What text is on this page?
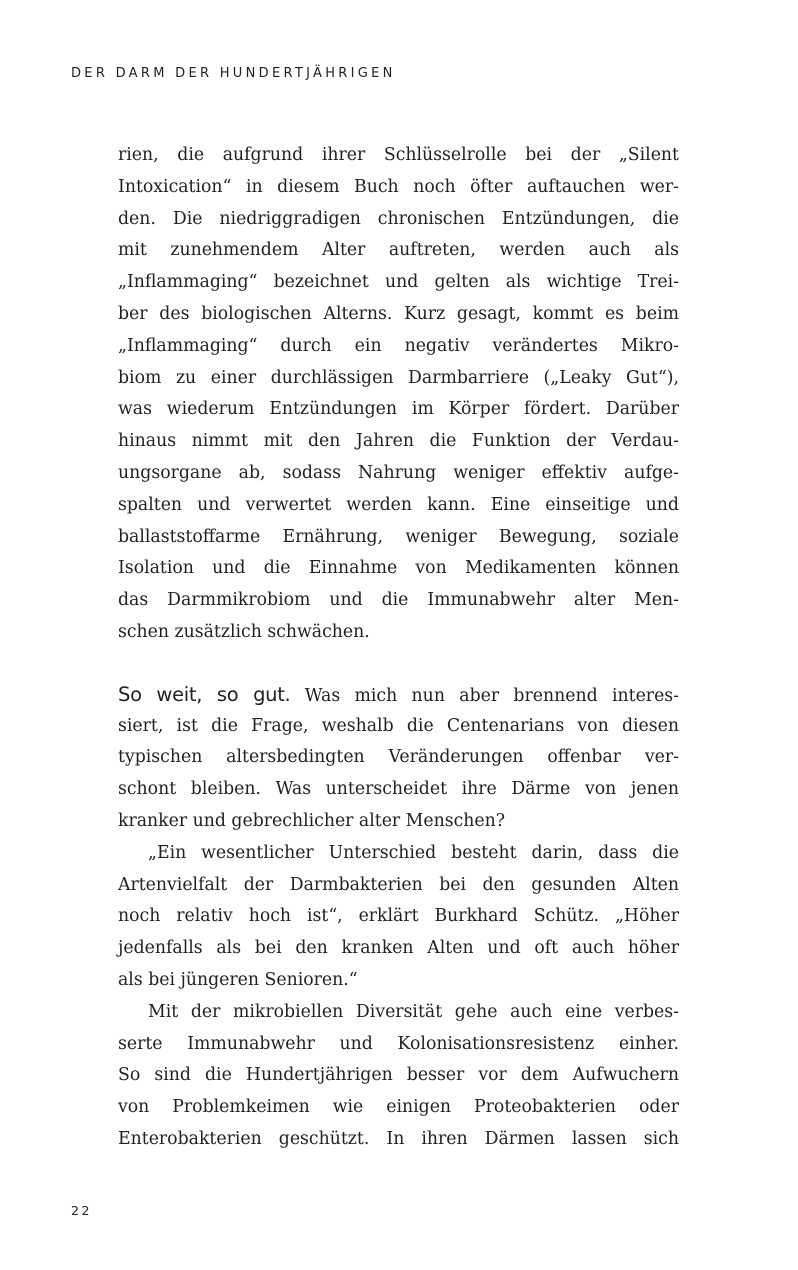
DER DARM DER HUNDERTJÄHRIGEN
rien, die aufgrund ihrer Schlüsselrolle bei der „Silent
Intoxication“ in diesem Buch noch öfter auftauchen wer-
den. Die niedriggradigen chronischen Entzündungen, die
mit zunehmendem Alter auftreten, werden auch als
„Inflammaging“ bezeichnet und gelten als wichtige Trei-
ber des biologischen Alterns. Kurz gesagt, kommt es beim
„Inflammaging“ durch ein negativ verändertes Mikro-
biom zu einer durchlässigen Darmbarriere („Leaky Gut“),
was wiederum Entzündungen im Körper fördert. Darüber
hinaus nimmt mit den Jahren die Funktion der Verdau-
ungsorgane ab, sodass Nahrung weniger effektiv aufge-
spalten und verwertet werden kann. Eine einseitige und
ballaststoffarme Ernährung, weniger Bewegung, soziale
Isolation und die Einnahme von Medikamenten können
das Darmmikrobiom und die Immunabwehr alter Men-
schen zusätzlich schwächen.
So weit, so gut. Was mich nun aber brennend interes-
siert, ist die Frage, weshalb die Centenarians von diesen
typischen altersbedingten Veränderungen offenbar ver-
schont bleiben. Was unterscheidet ihre Därme von jenen
kranker und gebrechlicher alter Menschen?
„Ein wesentlicher Unterschied besteht darin, dass die
Artenvielfalt der Darmbakterien bei den gesunden Alten
noch relativ hoch ist“, erklärt Burkhard Schütz. „Höher
jedenfalls als bei den kranken Alten und oft auch höher
als bei jüngeren Senioren.“
Mit der mikrobiellen Diversität gehe auch eine verbes-
serte Immunabwehr und Kolonisationsresistenz einher.
So sind die Hundertjährigen besser vor dem Aufwuchern
von Problemkeimen wie einigen Proteobakterien oder
Enterobakterien geschützt. In ihren Därmen lassen sich
22
